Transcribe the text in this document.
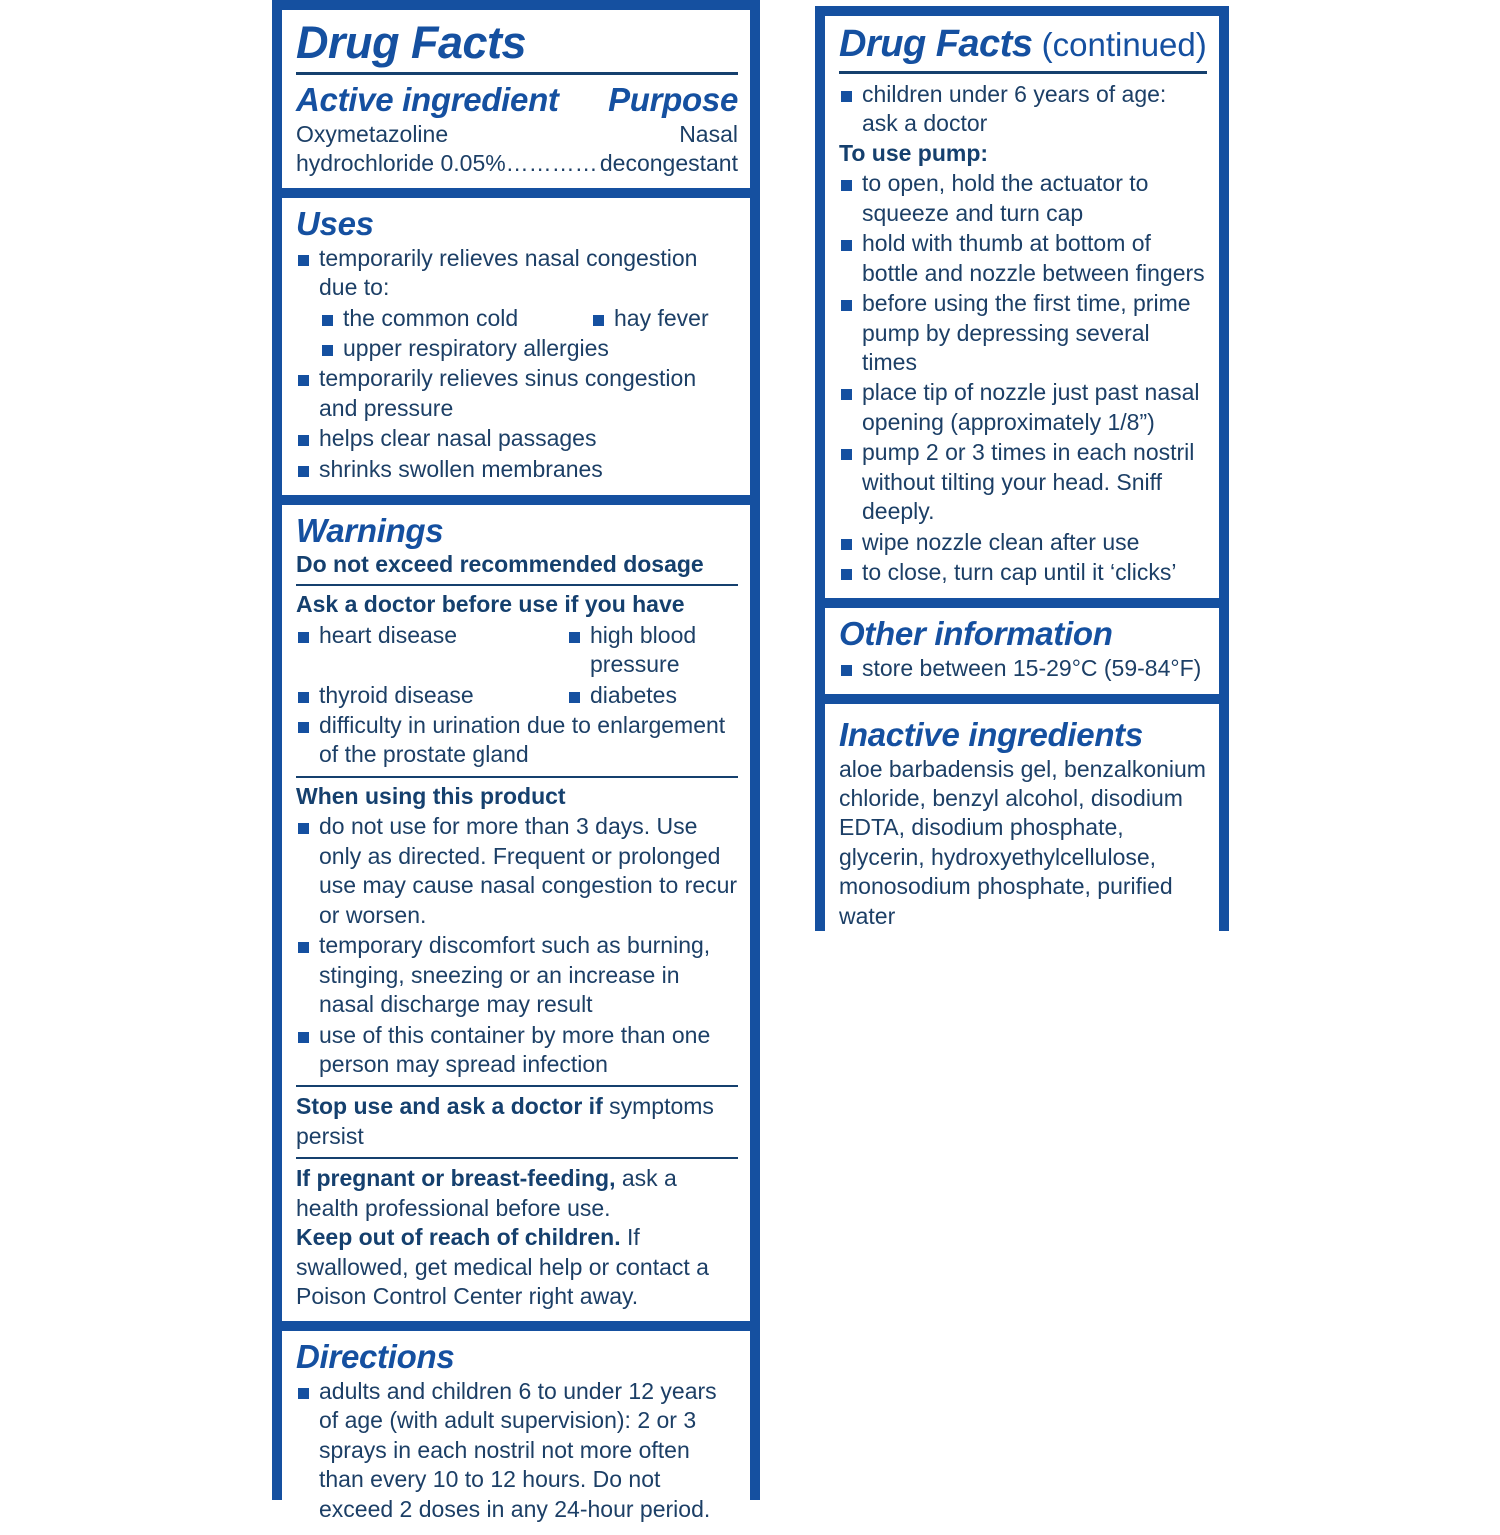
Drug Facts
Active ingredient Purpose
Oxymetazoline	Nasal
hydrochloride 0.05%………… decongestant
Uses
temporarily relieves nasal congestion due to:
the common cold	hay fever
upper respiratory allergies
temporarily relieves sinus congestion and pressure
helps clear nasal passages
shrinks swollen membranes
Warnings
Do not exceed recommended dosage
Ask a doctor before use if you have
heart disease	high blood pressure
thyroid disease	diabetes
difficulty in urination due to enlargement of the prostate gland
When using this product
do not use for more than 3 days. Use only as directed. Frequent or prolonged use may cause nasal congestion to recur or worsen.
temporary discomfort such as burning, stinging, sneezing or an increase in nasal discharge may result
use of this container by more than one person may spread infection
Stop use and ask a doctor if symptoms persist
If pregnant or breast-feeding, ask a health professional before use.
Keep out of reach of children. If swallowed, get medical help or contact a Poison Control Center right away.
Directions
adults and children 6 to under 12 years of age (with adult supervision): 2 or 3 sprays in each nostril not more often than every 10 to 12 hours. Do not exceed 2 doses in any 24-hour period.
Drug Facts (continued)
children under 6 years of age: ask a doctor
To use pump:
to open, hold the actuator to squeeze and turn cap
hold with thumb at bottom of bottle and nozzle between fingers
before using the first time, prime pump by depressing several times
place tip of nozzle just past nasal opening (approximately 1/8”)
pump 2 or 3 times in each nostril without tilting your head. Sniff deeply.
wipe nozzle clean after use
to close, turn cap until it ‘clicks’
Other information
store between 15-29°C (59-84°F)
Inactive ingredients
aloe barbadensis gel, benzalkonium chloride, benzyl alcohol, disodium EDTA, disodium phosphate, glycerin, hydroxyethylcellulose, monosodium phosphate, purified water
